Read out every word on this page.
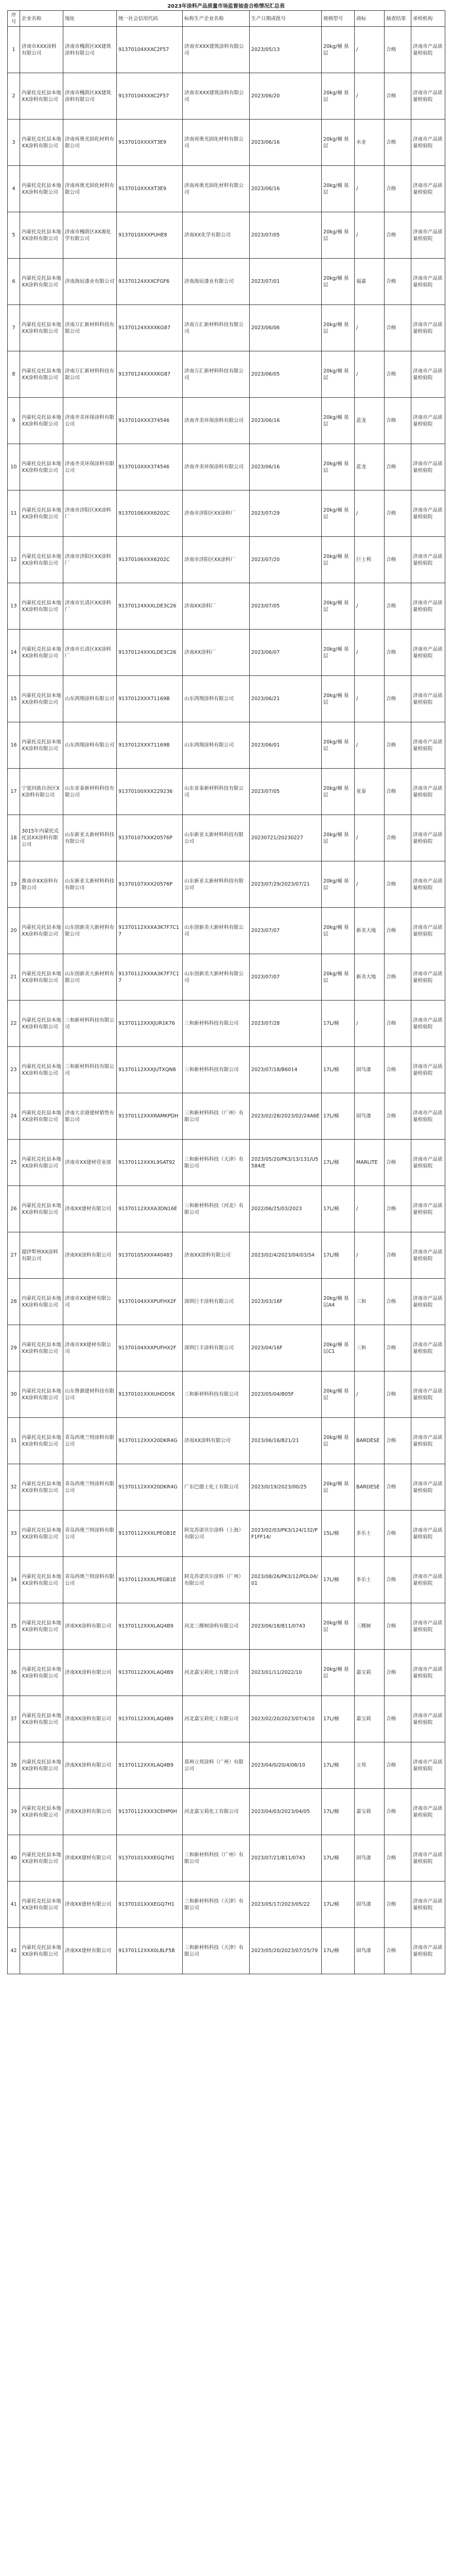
2023年涂料产品质量市场监督抽查合格情况汇总表
序号	企业名称	地址	统一社会信用代码	标称生产企业名称	生产日期或批号	规格型号	商标	抽查结果	承检机构
1	济南市XXX涂料有限公司	济南市槐荫区XX建筑涂料有限公司	91370104XXXC2F57	济南市XXX建筑涂料有限公司	2023/05/13	20kg/桶 基层	/	合格	济南市产品质量检验院
2	内蒙托克托县本地XX涂料有限公司	济南市槐荫区XX建筑涂料有限公司	91370104XXXC2F57	济南市XXX建筑涂料有限公司	2023/06/20	20kg/桶 基层	/	合格	济南市产品质量检验院
3	内蒙托克托县本地XX涂料有限公司	济南再奥光固化材料有限公司	9137010XXXXT3E9	济南再奥光固化材料有限公司	2023/06/16	20kg/桶 基层	水业	合格	济南市产品质量检验院
4	内蒙托克托县本地XX涂料有限公司	济南再奥光固化材料有限公司	9137010XXXXT3E9	济南再奥光固化材料有限公司	2023/06/16	20kg/桶 基层	/	合格	济南市产品质量检验院
5	内蒙托克托县本地XX涂料有限公司	济南市槐荫区XX源化学有限公司	9137010XXXPUHE8	济南XX化学有限公司	2023/07/05	20kg/桶 基层	/	合格	济南市产品质量检验院
6	内蒙托克托县本地XX涂料有限公司	济南海辰漆业有限公司	91370124XXXCFGF6	济南海辰漆业有限公司	2023/07/01	20kg/桶 基层	福嘉	合格	济南市产品质量检验院
7	内蒙托克托县本地XX涂料有限公司	济南万汇新材料科技有限公司	91370124XXXXKG87	济南万汇新材料科技有限公司	2023/06/06	20kg/桶 基层	/	合格	济南市产品质量检验院
8	内蒙托克托县本地XX涂料有限公司	济南万汇新材料科技有限公司	91370124XXXXKG87	济南万汇新材料科技有限公司	2023/06/05	20kg/桶 基层	/	合格	济南市产品质量检验院
9	内蒙托克托县本地XX涂料有限公司	济南齐美环保涂料有限公司	9137010XXX374546	济南齐美环保涂料有限公司	2023/06/16	20kg/桶 基层	蓝龙	合格	济南市产品质量检验院
10	内蒙托克托县本地XX涂料有限公司	济南齐美环保涂料有限公司	9137010XXX374546	济南齐美环保涂料有限公司	2023/06/16	20kg/桶 基层	蓝龙	合格	济南市产品质量检验院
11	内蒙托克托县本地XX涂料有限公司	济南市济阳区XX涂料厂	91370106XXX6202C	济南市济阳区XX涂料厂	2023/07/29	20kg/桶 基层	/	合格	济南市产品质量检验院
12	内蒙托克托县本地XX涂料有限公司	济南市济阳区XX涂料厂	91370106XXX6202C	济南市济阳区XX涂料厂	2023/07/20	20kg/桶 基层	巨士利	合格	济南市产品质量检验院
13	内蒙托克托县本地XX涂料有限公司	济南市长清区XX涂料厂	91370124XXXLDE3C26	济南XX涂料厂	2023/07/05	20kg/桶 基层	/	合格	济南市产品质量检验院
14	内蒙托克托县本地XX涂料有限公司	济南市长清区XX涂料厂	91370124XXXLDE3C26	济南XX涂料厂	2023/06/07	20kg/桶 基层	/	合格	济南市产品质量检验院
15	内蒙托克托县本地XX涂料有限公司	山东鸿翔涂料有限公司	9137012XXX71169B	山东鸿翔涂料有限公司	2023/06/21	20kg/桶 基层	/	合格	济南市产品质量检验院
16	内蒙托克托县本地XX涂料有限公司	山东鸿翔涂料有限公司	9137012XXX71169B	山东鸿翔涂料有限公司	2023/06/01	20kg/桶 基层	/	合格	济南市产品质量检验院
17	宁夏回族自治区XX涂料有限公司	山东亚泰新材料科技有限公司	91370100XXX229236	山东亚泰新材料科技有限公司	2023/07/05	20kg/桶 基层	亚泰	合格	济南市产品质量检验院
18	3015年内蒙托克托县XX涂料有限公司	山东新亚太新材料科技有限公司	91370107XXX20576P	山东新亚太新材料科技有限公司	20230721/20230227	20kg/桶 基层	/	合格	济南市产品质量检验院
19	淮南市XX涂料有限公司	山东新亚太新材料科技有限公司	91370107XXX20576P	山东新亚太新材料科技有限公司	2023/07/29/2023/07/21	20kg/桶 基层	/	合格	济南市产品质量检验院
20	内蒙托克托县本地XX涂料有限公司	山东创新美大新材料有限公司	91370112XXXA3K7F7C17	山东创新美大新材料有限公司	2023/07/07	20kg/桶 基层	新美大地	合格	济南市产品质量检验院
21	内蒙托克托县本地XX涂料有限公司	山东创新美大新材料有限公司	91370112XXXA3K7F7C17	山东创新美大新材料有限公司	2023/07/07	20kg/桶 基层	新美大地	合格	济南市产品质量检验院
22	内蒙托克托县本地XX涂料有限公司	三和新材料科技有限公司	91370112XXXJUR1K76	三和新材料科技有限公司	2023/07/28	17L/桶	/	合格	济南市产品质量检验院
23	内蒙托克托县本地XX涂料有限公司	三和新材料科技有限公司	91370112XXXJUTXQN8	三和新材料科技有限公司	2023/07/18/B6014	17L/桶	固鸟漆	合格	济南市产品质量检验院
24	内蒙托克托县本地XX涂料有限公司	济南大京港建材销售有限公司	91370112XXXRAMKPDH	三和新材料科技（广州）有限公司	2023/02/28/2023/02/24A6E	17L/桶	固鸟漆	合格	济南市产品质量检验院
25	内蒙托克托县本地XX涂料有限公司	济南市XX建材营业部	91370112XXXL9SAT92	三和新材料科技（天津）有限公司	2023/05/20/PK3/13/131/U5584/E	17L/桶	MARLITE	合格	济南市产品质量检验院
26	内蒙托克托县本地XX涂料有限公司	济南XX建材有限公司	91370112XXXA3DN16E	三和新材料科技（河北）有限公司	2022/06/25/03/2023	17L/桶	/	合格	济南市产品质量检验院
27	超伊犁州XX涂料有限公司	济南XX涂料有限公司	91370105XXX440483	济南XX涂料有限公司	2023/02/4/2023/04/03/S4	17L/桶	/	合格	济南市产品质量检验院
28	内蒙托克托县本地XX涂料有限公司	济南市XX建材有限公司	91370104XXXPUFHX2F	深圳巨丰涂料有限公司	2023/03/16F	20kg/桶 基层A4	三和	合格	济南市产品质量检验院
29	内蒙托克托县本地XX涂料有限公司	济南市XX建材有限公司	91370104XXXPUFHX2F	深圳巨丰涂料有限公司	2023/04/16F	20kg/桶 基层C1	三和	合格	济南市产品质量检验院
30	内蒙托克托县本地XX涂料有限公司	山东鲁源建材科技有限公司	91370101XXXUHDD5K	三和新材料科技有限公司	2023/05/04/B05F	20kg/桶 基层	/	合格	济南市产品质量检验院
31	内蒙托克托县本地XX涂料有限公司	青岛西奥兰特涂料有限公司	91370112XXX20DKR4G	济南XX涂料有限公司	2023/06/16/B21/21	20kg/桶 基层	BARDESE	合格	济南市产品质量检验院
32	内蒙托克托县本地XX涂料有限公司	青岛西奥兰特涂料有限公司	91370112XXX20DKR4G	广东巴德士化工有限公司	2023/0/19/2023/00/25	20kg/桶 基层	BARDESE	合格	济南市产品质量检验院
33	内蒙托克托县本地XX涂料有限公司	青岛西奥兰特涂料有限公司	91370112XXXLPEGB1E	阿克苏诺贝尔涂料（上海）有限公司	2023/02/03/PK3/124/132/PF1FF14/	15L/桶	多乐士	合格	济南市产品质量检验院
34	内蒙托克托县本地XX涂料有限公司	青岛西奥兰特涂料有限公司	91370112XXXLPEGB1E	阿克苏诺贝尔涂料（广州）有限公司	2023/08/26/PK3/12/PDL04/01	17L/桶	多乐士	合格	济南市产品质量检验院
35	内蒙托克托县本地XX涂料有限公司	济南XX涂料有限公司	91370112XXXLAQ4B9	河北三棵树涂料有限公司	2023/06/18/B11/0743	20kg/桶 基层	三棵树	合格	济南市产品质量检验院
36	内蒙托克托县本地XX涂料有限公司	济南XX涂料有限公司	91370112XXXLAQ4B9	河北嘉宝莉化工有限公司	2023/01/11/2022/10	20kg/桶 基层	嘉宝莉	合格	济南市产品质量检验院
37	内蒙托克托县本地XX涂料有限公司	济南XX涂料有限公司	91370112XXXLAQ4B9	河北嘉宝莉化工有限公司	2023/02/20/2023/07/4/10	17L/桶	嘉宝莉	合格	济南市产品质量检验院
38	内蒙托克托县本地XX涂料有限公司	济南XX涂料有限公司	91370112XXXLAQ4B9	郑州立邦涂料（广州）有限公司	2023/04/0/20/4/08/10	17L/桶	立邦	合格	济南市产品质量检验院
39	内蒙托克托县本地XX涂料有限公司	济南XX涂料有限公司	91370112XXX3CEHP0H	河北嘉宝莉化工有限公司	2023/04/03/2023/04/05	17L/桶	嘉宝莉	合格	济南市产品质量检验院
40	内蒙托克托县本地XX涂料有限公司	济南XX建材有限公司	91370101XXXEGQ7H1	三和新材料科技（广州）有限公司	2023/07/21/B11/0743	17L/桶	固鸟漆	合格	济南市产品质量检验院
41	内蒙托克托县本地XX涂料有限公司	济南XX建材有限公司	91370101XXXEGQ7H1	三和新材料科技（天津）有限公司	2023/05/17/2023/05/22	17L/桶	固鸟漆	合格	济南市产品质量检验院
42	内蒙托克托县本地XX涂料有限公司	济南XX建材有限公司	91370112XXX0L8LF5B	三和新材料科技（天津）有限公司	2023/05/20/2023/07/25/79	17L/桶	固鸟漆	合格	济南市产品质量检验院
